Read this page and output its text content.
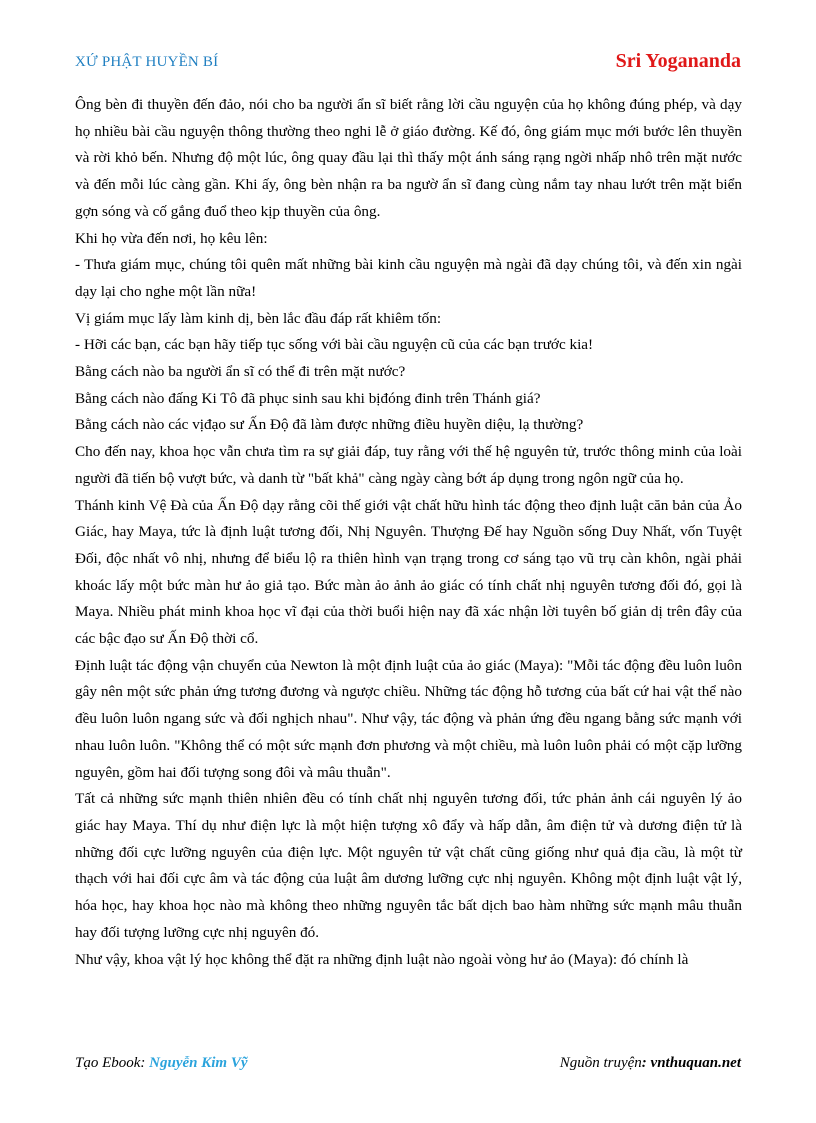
XỨ PHẬT HUYỀN BÍ	Sri Yogananda

Ông bèn đi thuyền đến đảo, nói cho ba người ẩn sĩ biết rằng lời cầu nguyện của họ không đúng phép, và dạy họ nhiều bài cầu nguyện thông thường theo nghi lễ ở giáo đường. Kế đó, ông giám mục mới bước lên thuyền và rời khỏ bến. Nhưng độ một lúc, ông quay đầu lại thì thấy một ánh sáng rạng ngời nhấp nhô trên mặt nước và đến mỗi lúc càng gần. Khi ấy, ông bèn nhận ra ba ngườ ẩn sĩ đang cùng nắm tay nhau lướt trên mặt biển gợn sóng và cố gắng đuổ theo kịp thuyền của ông.

Khi họ vừa đến nơi, họ kêu lên:

- Thưa giám mục, chúng tôi quên mất những bài kinh cầu nguyện mà ngài đã dạy chúng tôi, và đến xin ngài dạy lại cho nghe một lần nữa!

Vị giám mục lấy làm kinh dị, bèn lắc đầu đáp rất khiêm tốn:

- Hỡi các bạn, các bạn hãy tiếp tục sống với bài cầu nguyện cũ của các bạn trước kia!

Bằng cách nào ba người ẩn sĩ có thể đi trên mặt nước?

Bằng cách nào đấng Ki Tô đã phục sinh sau khi bịđóng đinh trên Thánh giá?

Bằng cách nào các vịđạo sư Ấn Độ đã làm được những điều huyền diệu, lạ thường?

Cho đến nay, khoa học vẫn chưa tìm ra sự giải đáp, tuy rằng với thế hệ nguyên tử, trước thông minh của loài người đã tiến bộ vượt bức, và danh từ "bất khả" càng ngày càng bớt áp dụng trong ngôn ngữ của họ.

Thánh kinh Vệ Đà của Ấn Độ dạy rằng cõi thế giới vật chất hữu hình tác động theo định luật căn bản của Ảo Giác, hay Maya, tức là định luật tương đối, Nhị Nguyên. Thượng Đế hay Nguồn sống Duy Nhất, vốn Tuyệt Đối, độc nhất vô nhị, nhưng để biểu lộ ra thiên hình vạn trạng trong cơ sáng tạo vũ trụ càn khôn, ngài phải khoác lấy một bức màn hư ảo giả tạo. Bức màn ảo ảnh ảo giác có tính chất nhị nguyên tương đối đó, gọi là Maya. Nhiều phát minh khoa học vĩ đại của thời buổi hiện nay đã xác nhận lời tuyên bố giản dị trên đây của các bậc đạo sư Ấn Độ thời cổ.

Định luật tác động vận chuyển của Newton là một định luật của ảo giác (Maya): "Mỗi tác động đều luôn luôn gây nên một sức phản ứng tương đương và ngược chiều. Những tác động hỗ tương của bất cứ hai vật thể nào đều luôn luôn ngang sức và đối nghịch nhau". Như vậy, tác động và phản ứng đều ngang bằng sức mạnh với nhau luôn luôn. "Không thể có một sức mạnh đơn phương và một chiều, mà luôn luôn phải có một cặp lưỡng nguyên, gồm hai đối tượng song đôi và mâu thuẫn".

Tất cả những sức mạnh thiên nhiên đều có tính chất nhị nguyên tương đối, tức phản ảnh cái nguyên lý ảo giác hay Maya. Thí dụ như điện lực là một hiện tượng xô đẩy và hấp dẫn, âm điện tử và dương điện tử là những đối cực lưỡng nguyên của điện lực. Một nguyên tử vật chất cũng giống như quả địa cầu, là một từ thạch với hai đối cực âm và tác động của luật âm dương lưỡng cực nhị nguyên. Không một định luật vật lý, hóa học, hay khoa học nào mà không theo những nguyên tắc bất dịch bao hàm những sức mạnh mâu thuẫn hay đối tượng lưỡng cực nhị nguyên đó.

Như vậy, khoa vật lý học không thể đặt ra những định luật nào ngoài vòng hư ảo (Maya): đó chính là

Tạo Ebook: Nguyễn Kim Vỹ	Nguồn truyện: vnthuquan.net
